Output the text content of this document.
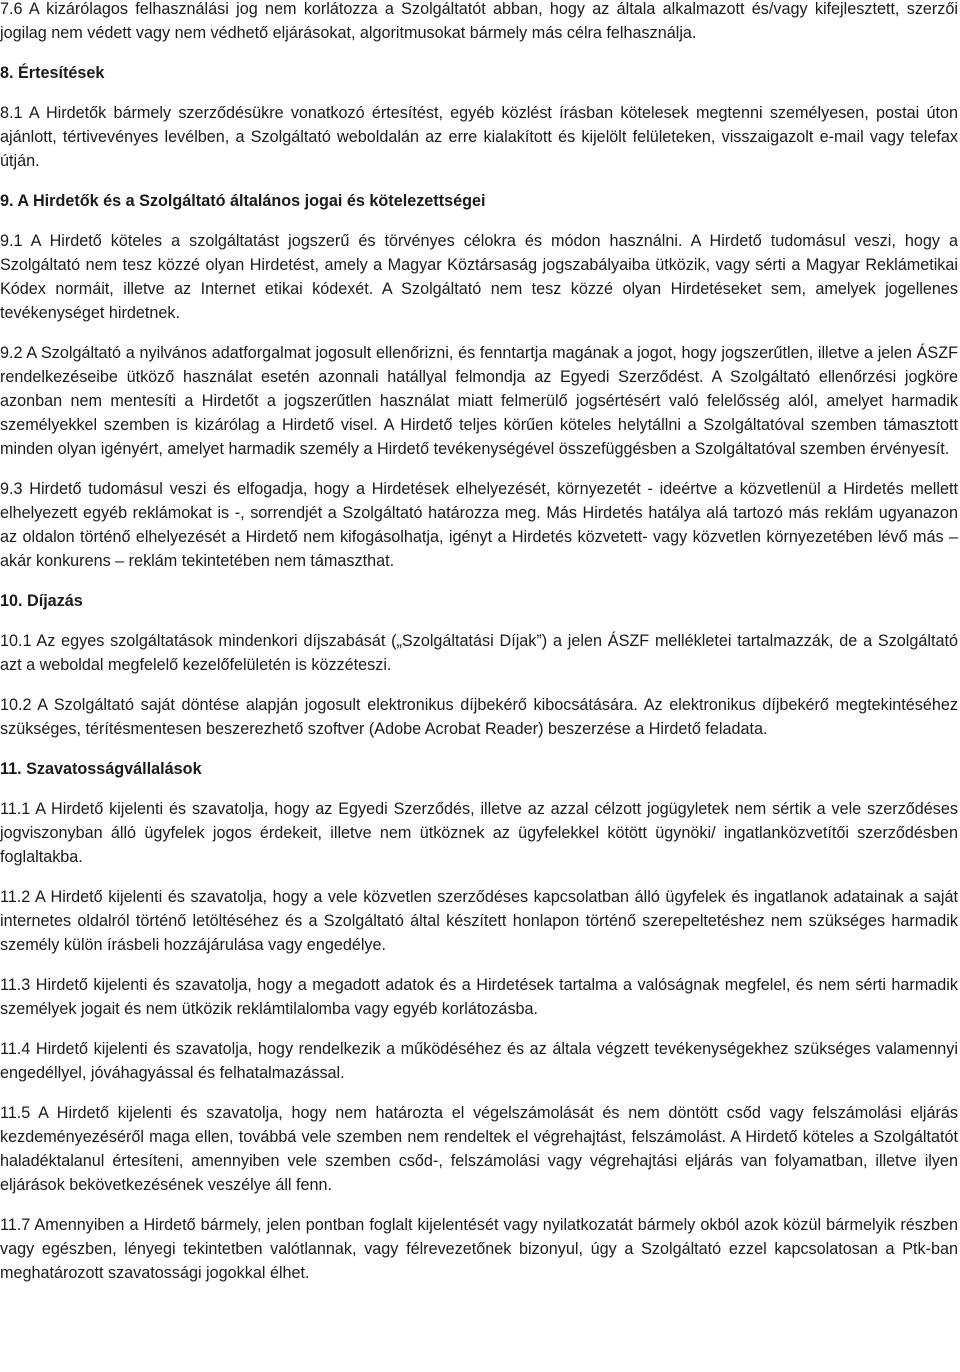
7.6 A kizárólagos felhasználási jog nem korlátozza a Szolgáltatót abban, hogy az általa alkalmazott és/vagy kifejlesztett, szerzői jogilag nem védett vagy nem védhető eljárásokat, algoritmusokat bármely más célra felhasználja.

8. Értesítések

8.1 A Hirdetők bármely szerződésükre vonatkozó értesítést, egyéb közlést írásban kötelesek megtenni személyesen, postai úton ajánlott, tértivevényes levélben, a Szolgáltató weboldalán az erre kialakított és kijelölt felületeken, visszaigazolt e-mail vagy telefax útján.

9. A Hirdetők és a Szolgáltató általános jogai és kötelezettségei

9.1 A Hirdető köteles a szolgáltatást jogszerű és törvényes célokra és módon használni. A Hirdető tudomásul veszi, hogy a Szolgáltató nem tesz közzé olyan Hirdetést, amely a Magyar Köztársaság jogszabályaiba ütközik, vagy sérti a Magyar Reklámetikai Kódex normáit, illetve az Internet etikai kódexét. A Szolgáltató nem tesz közzé olyan Hirdetéseket sem, amelyek jogellenes tevékenységet hirdetnek.

9.2 A Szolgáltató a nyilvános adatforgalmat jogosult ellenőrizni, és fenntartja magának a jogot, hogy jogszerűtlen, illetve a jelen ÁSZF rendelkezéseibe ütköző használat esetén azonnali hatállyal felmondja az Egyedi Szerződést. A Szolgáltató ellenőrzési jogköre azonban nem mentesíti a Hirdetőt a jogszerűtlen használat miatt felmerülő jogsértésért való felelősség alól, amelyet harmadik személyekkel szemben is kizárólag a Hirdető visel. A Hirdető teljes körűen köteles helytállni a Szolgáltatóval szemben támasztott minden olyan igényért, amelyet harmadik személy a Hirdető tevékenységével összefüggésben a Szolgáltatóval szemben érvényesít.

9.3 Hirdető tudomásul veszi és elfogadja, hogy a Hirdetések elhelyezését, környezetét - ideértve a közvetlenül a Hirdetés mellett elhelyezett egyéb reklámokat is -, sorrendjét a Szolgáltató határozza meg. Más Hirdetés hatálya alá tartozó más reklám ugyanazon az oldalon történő elhelyezését a Hirdető nem kifogásolhatja, igényt a Hirdetés közvetett- vagy közvetlen környezetében lévő más – akár konkurens – reklám tekintetében nem támaszthat.

10. Díjazás

10.1 Az egyes szolgáltatások mindenkori díjszabását („Szolgáltatási Díjak”) a jelen ÁSZF mellékletei tartalmazzák, de a Szolgáltató azt a weboldal megfelelő kezelőfelületén is közzéteszi.

10.2 A Szolgáltató saját döntése alapján jogosult elektronikus díjbekérő kibocsátására. Az elektronikus díjbekérő megtekintéséhez szükséges, térítésmentesen beszerezhető szoftver (Adobe Acrobat Reader) beszerzése a Hirdető feladata.

11. Szavatosságvállalások

11.1 A Hirdető kijelenti és szavatolja, hogy az Egyedi Szerződés, illetve az azzal célzott jogügyletek nem sértik a vele szerződéses jogviszonyban álló ügyfelek jogos érdekeit, illetve nem ütköznek az ügyfelekkel kötött ügynöki/ ingatlanközvetítői szerződésben foglaltakba.

11.2 A Hirdető kijelenti és szavatolja, hogy a vele közvetlen szerződéses kapcsolatban álló ügyfelek és ingatlanok adatainak a saját internetes oldalról történő letöltéséhez és a Szolgáltató által készített honlapon történő szerepeltetéshez nem szükséges harmadik személy külön írásbeli hozzájárulása vagy engedélye.

11.3 Hirdető kijelenti és szavatolja, hogy a megadott adatok és a Hirdetések tartalma a valóságnak megfelel, és nem sérti harmadik személyek jogait és nem ütközik reklámtilalomba vagy egyéb korlátozásba.

11.4 Hirdető kijelenti és szavatolja, hogy rendelkezik a működéséhez és az általa végzett tevékenységekhez szükséges valamennyi engedéllyel, jóváhagyással és felhatalmazással.

11.5 A Hirdető kijelenti és szavatolja, hogy nem határozta el végelszámolását és nem döntött csőd vagy felszámolási eljárás kezdeményezéséről maga ellen, továbbá vele szemben nem rendeltek el végrehajtást, felszámolást. A Hirdető köteles a Szolgáltatót haladéktalanul értesíteni, amennyiben vele szemben csőd-, felszámolási vagy végrehajtási eljárás van folyamatban, illetve ilyen eljárások bekövetkezésének veszélye áll fenn.

11.7 Amennyiben a Hirdető bármely, jelen pontban foglalt kijelentését vagy nyilatkozatát bármely okból azok közül bármelyik részben vagy egészben, lényegi tekintetben valótlannak, vagy félrevezetőnek bizonyul, úgy a Szolgáltató ezzel kapcsolatosan a Ptk-ban meghatározott szavatossági jogokkal élhet.
